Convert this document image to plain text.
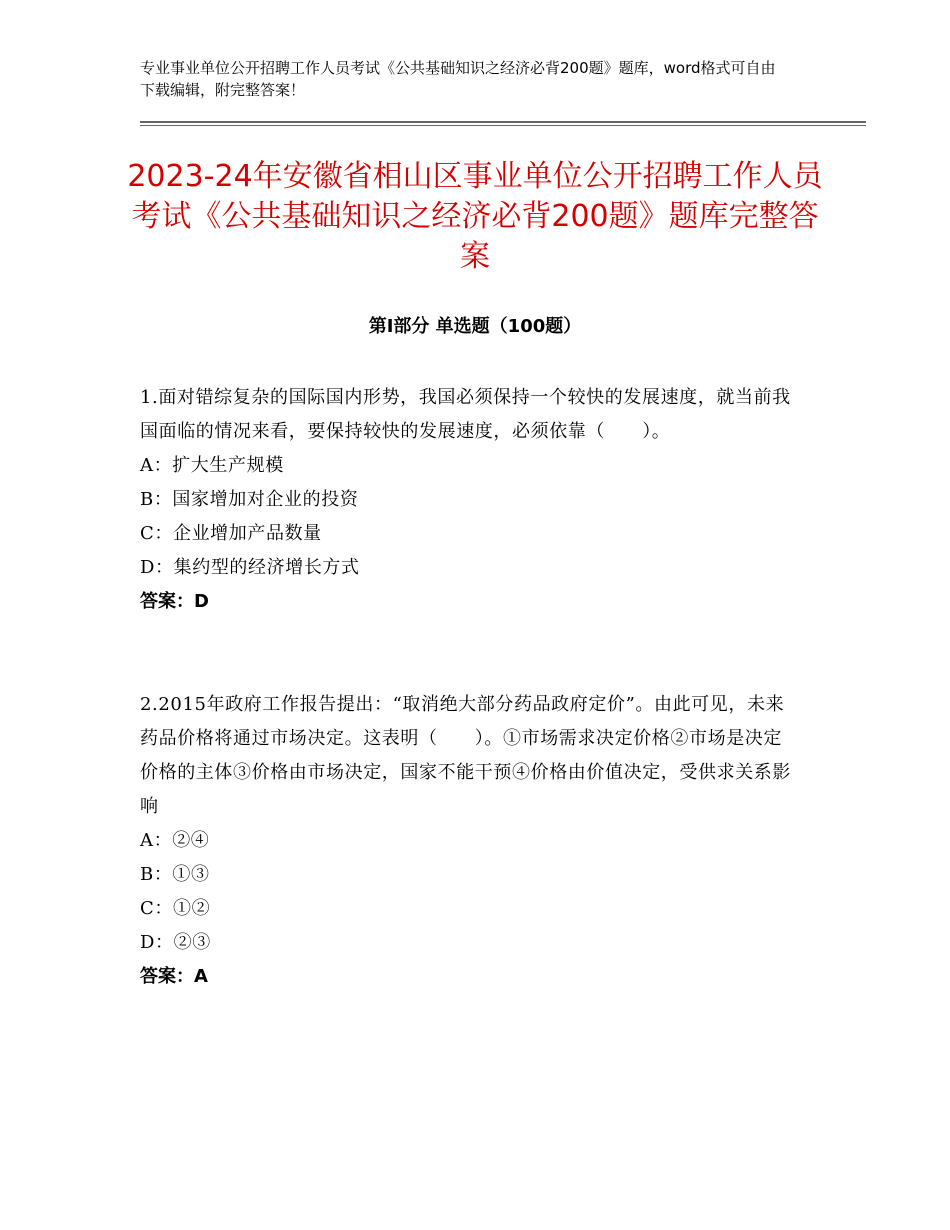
专业事业单位公开招聘工作人员考试《公共基础知识之经济必背200题》题库，word格式可自由下载编辑，附完整答案！
2023-24年安徽省相山区事业单位公开招聘工作人员考试《公共基础知识之经济必背200题》题库完整答案
第Ⅰ部分 单选题（100题）
1.面对错综复杂的国际国内形势，我国必须保持一个较快的发展速度，就当前我国面临的情况来看，要保持较快的发展速度，必须依靠（　　）。
A：扩大生产规模
B：国家增加对企业的投资
C：企业增加产品数量
D：集约型的经济增长方式
答案：D
2.2015年政府工作报告提出：“取消绝大部分药品政府定价”。由此可见，未来药品价格将通过市场决定。这表明（　　）。①市场需求决定价格②市场是决定价格的主体③价格由市场决定，国家不能干预④价格由价值决定，受供求关系影响
A：②④
B：①③
C：①②
D：②③
答案：A
